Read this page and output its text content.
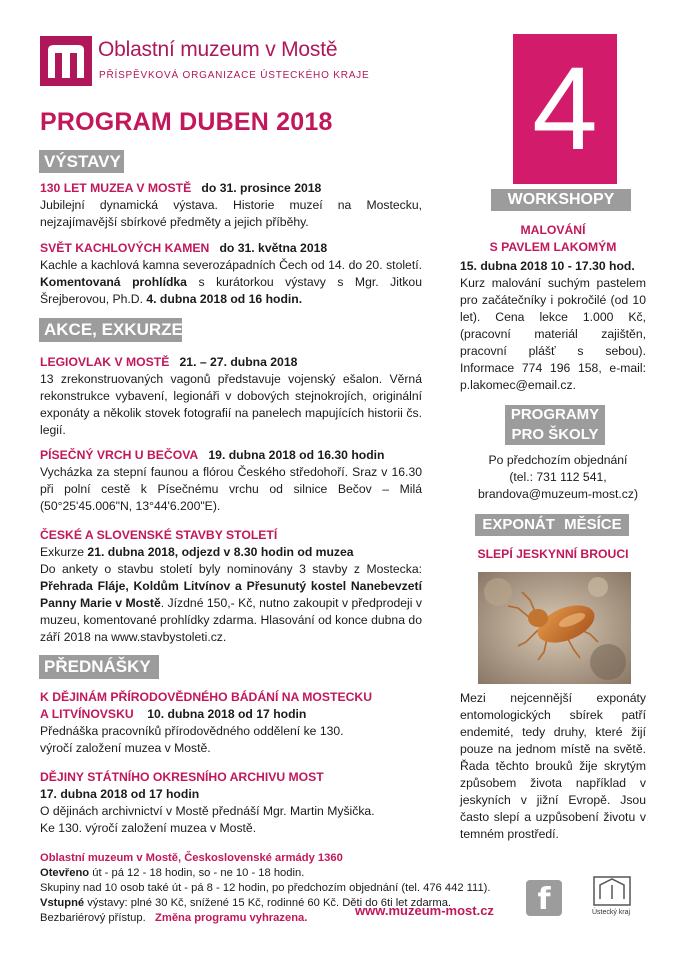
Oblastní muzeum v Mostě
PŘÍSPĚVKOVÁ ORGANIZACE ÚSTECKÉHO KRAJE 4
PROGRAM DUBEN 2018
VÝSTAVY
130 LET MUZEA V MOSTĚ do 31. prosince 2018
Jubilejní dynamická výstava. Historie muzeí na Mostecku, nejzajímavější sbírkové předměty a jejich příběhy.
SVĚT KACHLOVÝCH KAMEN do 31. května 2018
Kachle a kachlová kamna severozápadních Čech od 14. do 20. století. Komentovaná prohlídka s kurátorkou výstavy s Mgr. Jitkou Šrejberovou, Ph.D. 4. dubna 2018 od 16 hodin.
AKCE, EXKURZE
LEGIOVLAK V MOSTĚ 21. – 27. dubna 2018
13 zrekonstruovaných vagonů představuje vojenský ešalon. Věrná rekonstrukce vybavení, legionáři v dobových stejnokrojích, originální exponáty a několik stovek fotografií na panelech mapujících historii čs. legií.
PÍSEČNÝ VRCH U BEČOVA 19. dubna 2018 od 16.30 hodin
Vycházka za stepní faunou a flórou Českého středohoří. Sraz v 16.30 při polní cestě k Písečnému vrchu od silnice Bečov – Milá (50°25'45.006"N, 13°44'6.200"E).
ČESKÉ A SLOVENSKÉ STAVBY STOLETÍ
Exkurze 21. dubna 2018, odjezd v 8.30 hodin od muzea
Do ankety o stavbu století byly nominovány 3 stavby z Mostecka: Přehrada Fláje, Koldům Litvínov a Přesunutý kostel Nanebevzetí Panny Marie v Mostě. Jízdné 150,- Kč, nutno zakoupit v předprodeji v muzeu, komentované prohlídky zdarma. Hlasování od konce dubna do září 2018 na www.stavbystoleti.cz.
PŘEDNÁŠKY
K DĚJINÁM PŘÍRODOVĚDNÉHO BÁDÁNÍ NA MOSTECKU
A LITVÍNOVSKU 10. dubna 2018 od 17 hodin
Přednáška pracovníků přírodovědného oddělení ke 130.
výročí založení muzea v Mostě.
DĚJINY STÁTNÍHO OKRESNÍHO ARCHIVU MOST
17. dubna 2018 od 17 hodin
O dějinách archivnictví v Mostě přednáší Mgr. Martin Myšička.
Ke 130. výročí založení muzea v Mostě.
WORKSHOPY
MALOVÁNÍ
S PAVLEM LAKOMÝM
15. dubna 2018 10 - 17.30 hod.
Kurz malování suchým pastelem pro začátečníky i pokročilé (od 10 let). Cena lekce 1.000 Kč, (pracovní materiál zajištěn, pracovní plášť s sebou). Informace 774 196 158, e-mail: p.lakomec@email.cz.
PROGRAMY PRO ŠKOLY
Po předchozím objednání
(tel.: 731 112 541,
brandova@muzeum-most.cz)
EXPONÁT MĚSÍCE
SLEPÍ JESKYNNÍ BROUCI
Mezi nejcennější exponáty entomologických sbírek patří endemité, tedy druhy, které žijí pouze na jednom místě na světě. Řada těchto brouků žije skrytým způsobem života například v jeskyních v jižní Evropě. Jsou často slepí a uzpůsobení životu v temném prostředí.
Oblastní muzeum v Mostě, Československé armády 1360
Otevřeno út - pá 12 - 18 hodin, so - ne 10 - 18 hodin.
Skupiny nad 10 osob také út - pá 8 - 12 hodin, po předchozím objednání (tel. 476 442 111).
Vstupné výstavy: plné 30 Kč, snížené 15 Kč, rodinné 60 Kč. Děti do 6ti let zdarma.
Bezbariérový přístup. Změna programu vyhrazena.	www.muzeum-most.cz	f	Ústecký kraj
